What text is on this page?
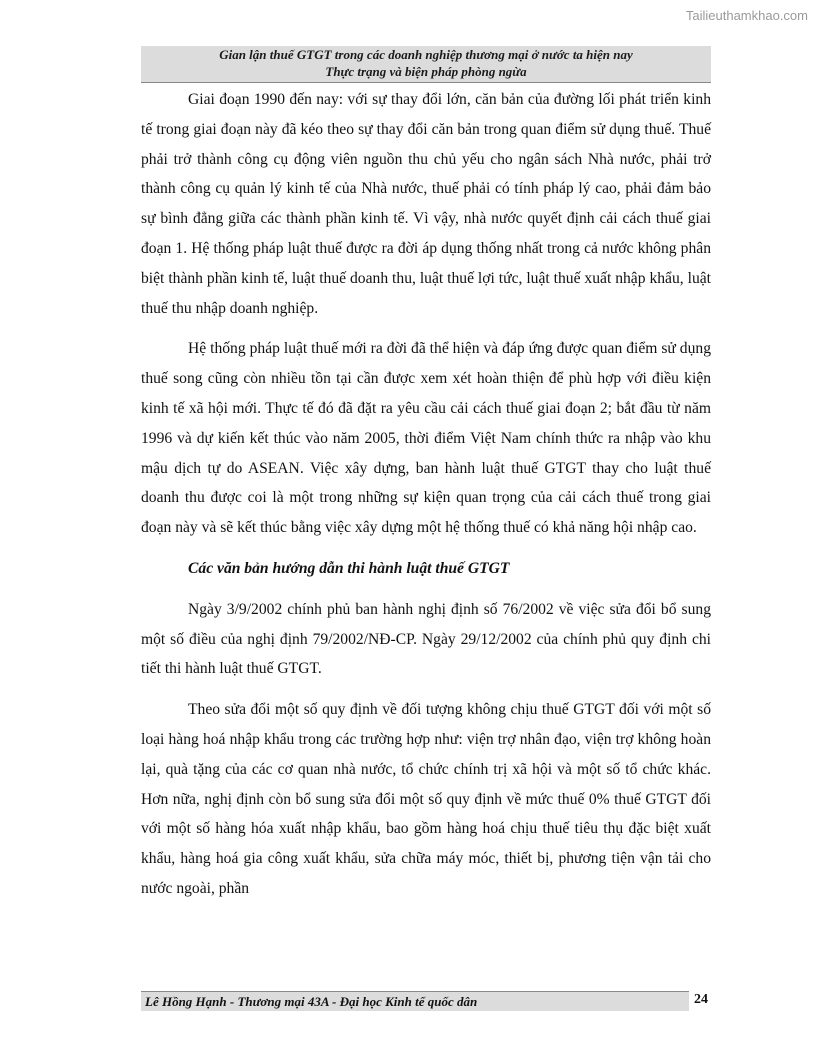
Tailieuthamkhao.com
Gian lận thuế GTGT trong các doanh nghiệp thương mại ở nước ta hiện nay
Thực trạng và biện pháp phòng ngừa

Giai đoạn 1990 đến nay: với sự thay đổi lớn, căn bản của đường lối phát triển kinh tế trong giai đoạn này đã kéo theo sự thay đổi căn bản trong quan điểm sử dụng thuế. Thuế phải trở thành công cụ động viên nguồn thu chủ yếu cho ngân sách Nhà nước, phải trở thành công cụ quản lý kinh tế của Nhà nước, thuế phải có tính pháp lý cao, phải đảm bảo sự bình đẳng giữa các thành phần kinh tế. Vì vậy, nhà nước quyết định cải cách thuế giai đoạn 1. Hệ thống pháp luật thuế được ra đời áp dụng thống nhất trong cả nước không phân biệt thành phần kinh tế, luật thuế doanh thu, luật thuế lợi tức, luật thuế xuất nhập khẩu, luật thuế thu nhập doanh nghiệp.

Hệ thống pháp luật thuế mới ra đời đã thể hiện và đáp ứng được quan điểm sử dụng thuế song cũng còn nhiều tồn tại cần được xem xét hoàn thiện để phù hợp với điều kiện kinh tế xã hội mới. Thực tế đó đã đặt ra yêu cầu cải cách thuế giai đoạn 2; bắt đầu từ năm 1996 và dự kiến kết thúc vào năm 2005, thời điểm Việt Nam chính thức ra nhập vào khu mậu dịch tự do ASEAN. Việc xây dựng, ban hành luật thuế GTGT thay cho luật thuế doanh thu được coi là một trong những sự kiện quan trọng của cải cách thuế trong giai đoạn này và sẽ kết thúc bằng việc xây dựng một hệ thống thuế có khả năng hội nhập cao.

Các văn bản hướng dẫn thi hành luật thuế GTGT

Ngày 3/9/2002 chính phủ ban hành nghị định số 76/2002 về việc sửa đổi bổ sung một số điều của nghị định 79/2002/NĐ-CP. Ngày 29/12/2002 của chính phủ quy định chi tiết thi hành luật thuế GTGT.

Theo sửa đổi một số quy định về đối tượng không chịu thuế GTGT đối với một số loại hàng hoá nhập khẩu trong các trường hợp như: viện trợ nhân đạo, viện trợ không hoàn lại, quà tặng của các cơ quan nhà nước, tổ chức chính trị xã hội và một số tổ chức khác. Hơn nữa, nghị định còn bổ sung sửa đổi một số quy định về mức thuế 0% thuế GTGT đối với một số hàng hóa xuất nhập khẩu, bao gồm hàng hoá chịu thuế tiêu thụ đặc biệt xuất khẩu, hàng hoá gia công xuất khẩu, sửa chữa máy móc, thiết bị, phương tiện vận tải cho nước ngoài, phần

Lê Hồng Hạnh - Thương mại 43A - Đại học Kinh tế quốc dân	24
